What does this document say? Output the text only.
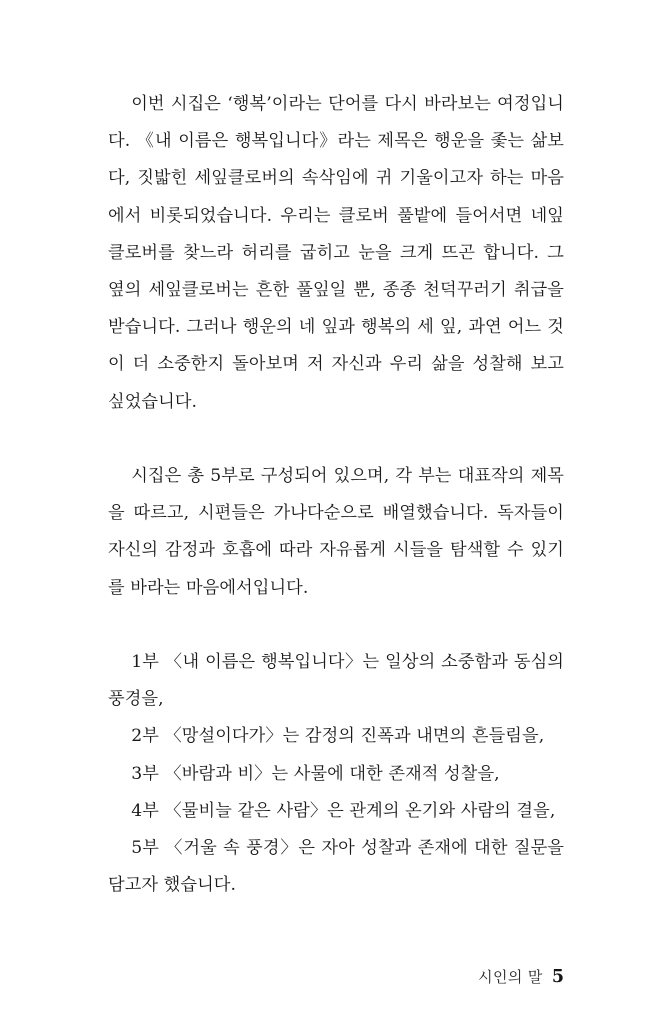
이번 시집은 ‘행복’이라는 단어를 다시 바라보는 여정입니다. 《내 이름은 행복입니다》라는 제목은 행운을 좇는 삶보다, 짓밟힌 세잎클로버의 속삭임에 귀 기울이고자 하는 마음에서 비롯되었습니다. 우리는 클로버 풀밭에 들어서면 네잎클로버를 찾느라 허리를 굽히고 눈을 크게 뜨곤 합니다. 그 옆의 세잎클로버는 흔한 풀잎일 뿐, 종종 천덕꾸러기 취급을 받습니다. 그러나 행운의 네 잎과 행복의 세 잎, 과연 어느 것이 더 소중한지 돌아보며 저 자신과 우리 삶을 성찰해 보고 싶었습니다.

시집은 총 5부로 구성되어 있으며, 각 부는 대표작의 제목을 따르고, 시편들은 가나다순으로 배열했습니다. 독자들이 자신의 감정과 호흡에 따라 자유롭게 시들을 탐색할 수 있기를 바라는 마음에서입니다.

1부 〈내 이름은 행복입니다〉는 일상의 소중함과 동심의 풍경을,

2부 〈망설이다가〉는 감정의 진폭과 내면의 흔들림을,

3부 〈바람과 비〉는 사물에 대한 존재적 성찰을,

4부 〈물비늘 같은 사람〉은 관계의 온기와 사람의 결을,

5부 〈거울 속 풍경〉은 자아 성찰과 존재에 대한 질문을 담고자 했습니다.

시인의 말 5
